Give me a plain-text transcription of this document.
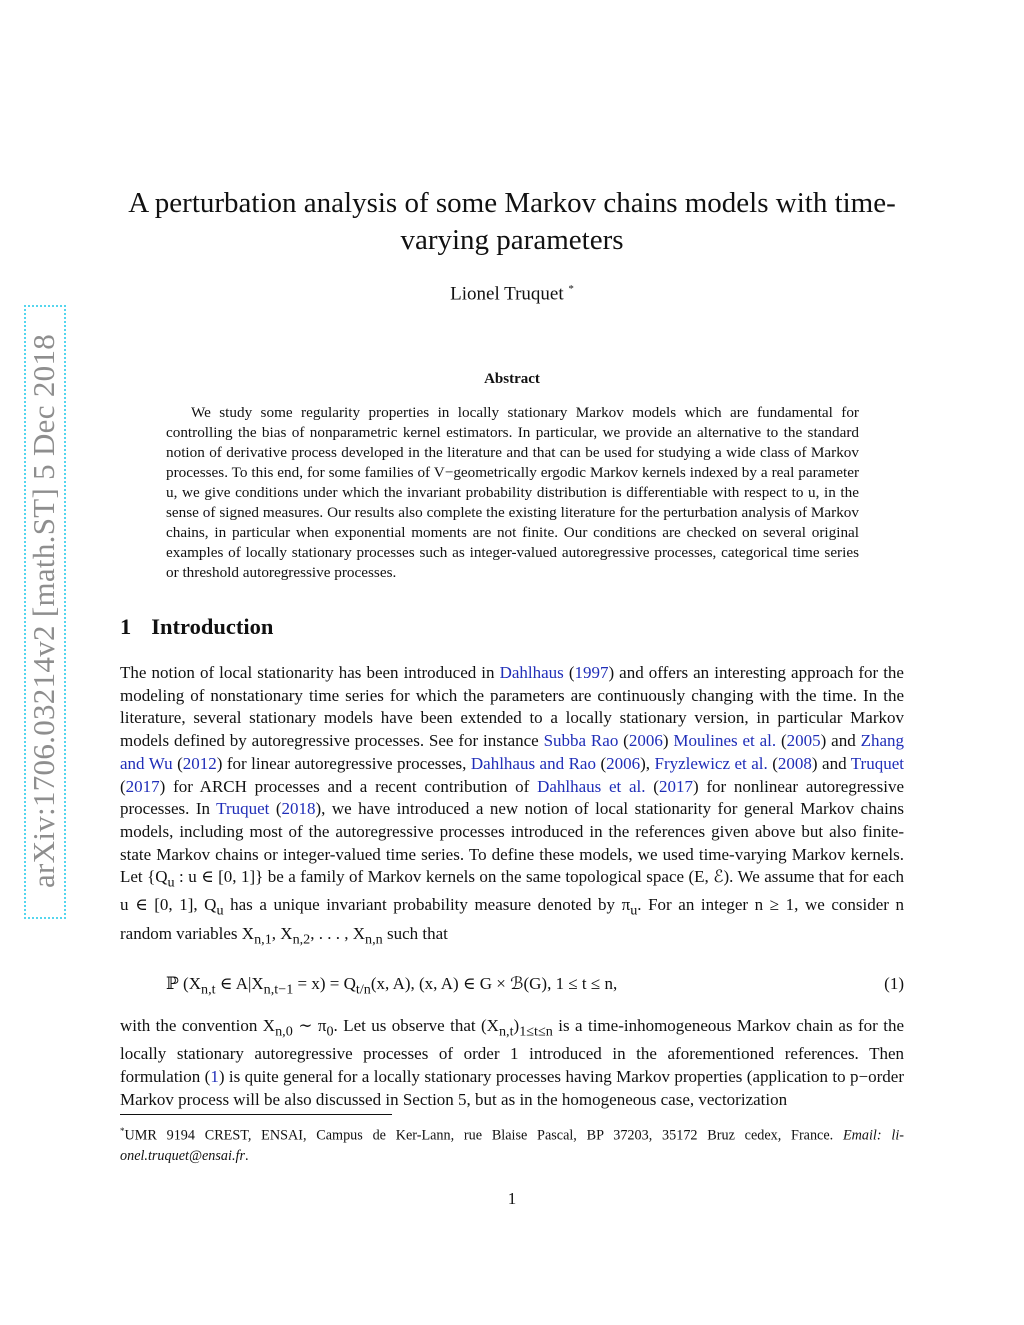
arXiv:1706.03214v2 [math.ST] 5 Dec 2018
A perturbation analysis of some Markov chains models with time-varying parameters
Lionel Truquet *
Abstract

We study some regularity properties in locally stationary Markov models which are fundamental for controlling the bias of nonparametric kernel estimators. In particular, we provide an alternative to the standard notion of derivative process developed in the literature and that can be used for studying a wide class of Markov processes. To this end, for some families of V−geometrically ergodic Markov kernels indexed by a real parameter u, we give conditions under which the invariant probability distribution is differentiable with respect to u, in the sense of signed measures. Our results also complete the existing literature for the perturbation analysis of Markov chains, in particular when exponential moments are not finite. Our conditions are checked on several original examples of locally stationary processes such as integer-valued autoregressive processes, categorical time series or threshold autoregressive processes.

1 Introduction

The notion of local stationarity has been introduced in Dahlhaus (1997) and offers an interesting approach for the modeling of nonstationary time series for which the parameters are continuously changing with the time. In the literature, several stationary models have been extended to a locally stationary version, in particular Markov models defined by autoregressive processes. See for instance Subba Rao (2006) Moulines et al. (2005) and Zhang and Wu (2012) for linear autoregressive processes, Dahlhaus and Rao (2006), Fryzlewicz et al. (2008) and Truquet (2017) for ARCH processes and a recent contribution of Dahlhaus et al. (2017) for nonlinear autoregressive processes. In Truquet (2018), we have introduced a new notion of local stationarity for general Markov chains models, including most of the autoregressive processes introduced in the references given above but also finite-state Markov chains or integer-valued time series. To define these models, we used time-varying Markov kernels. Let {$Q_u$ : u ∈ [0, 1]} be a family of Markov kernels on the same topological space (E, ℰ). We assume that for each u ∈ [0, 1], $Q_u$ has a unique invariant probability measure denoted by $\pi_u$. For an integer n ≥ 1, we consider n random variables $X_{n,1}$, $X_{n,2}$, . . . , $X_{n,n}$ such that

ℙ ($X_{n,t}$ ∈ $A|X_{n,t-1} = x) = Q_{t/n}(x$, A), (x, A) ∈ G × ℬ(G), 1 ≤ t ≤ n,	(1)

with the convention $X_{n,0}$ ∼ $\pi_0$. Let us observe that $(X_{n,t})_{1\le t\le n}$ is a time-inhomogeneous Markov chain as for the locally stationary autoregressive processes of order 1 introduced in the aforementioned references. Then formulation (1) is quite general for a locally stationary processes having Markov properties (application to p−order Markov process will be also discussed in Section 5, but as in the homogeneous case, vectorization

*UMR 9194 CREST, ENSAI, Campus de Ker-Lann, rue Blaise Pascal, BP 37203, 35172 Bruz cedex, France. Email: li-onel.truquet@ensai.fr.
1
